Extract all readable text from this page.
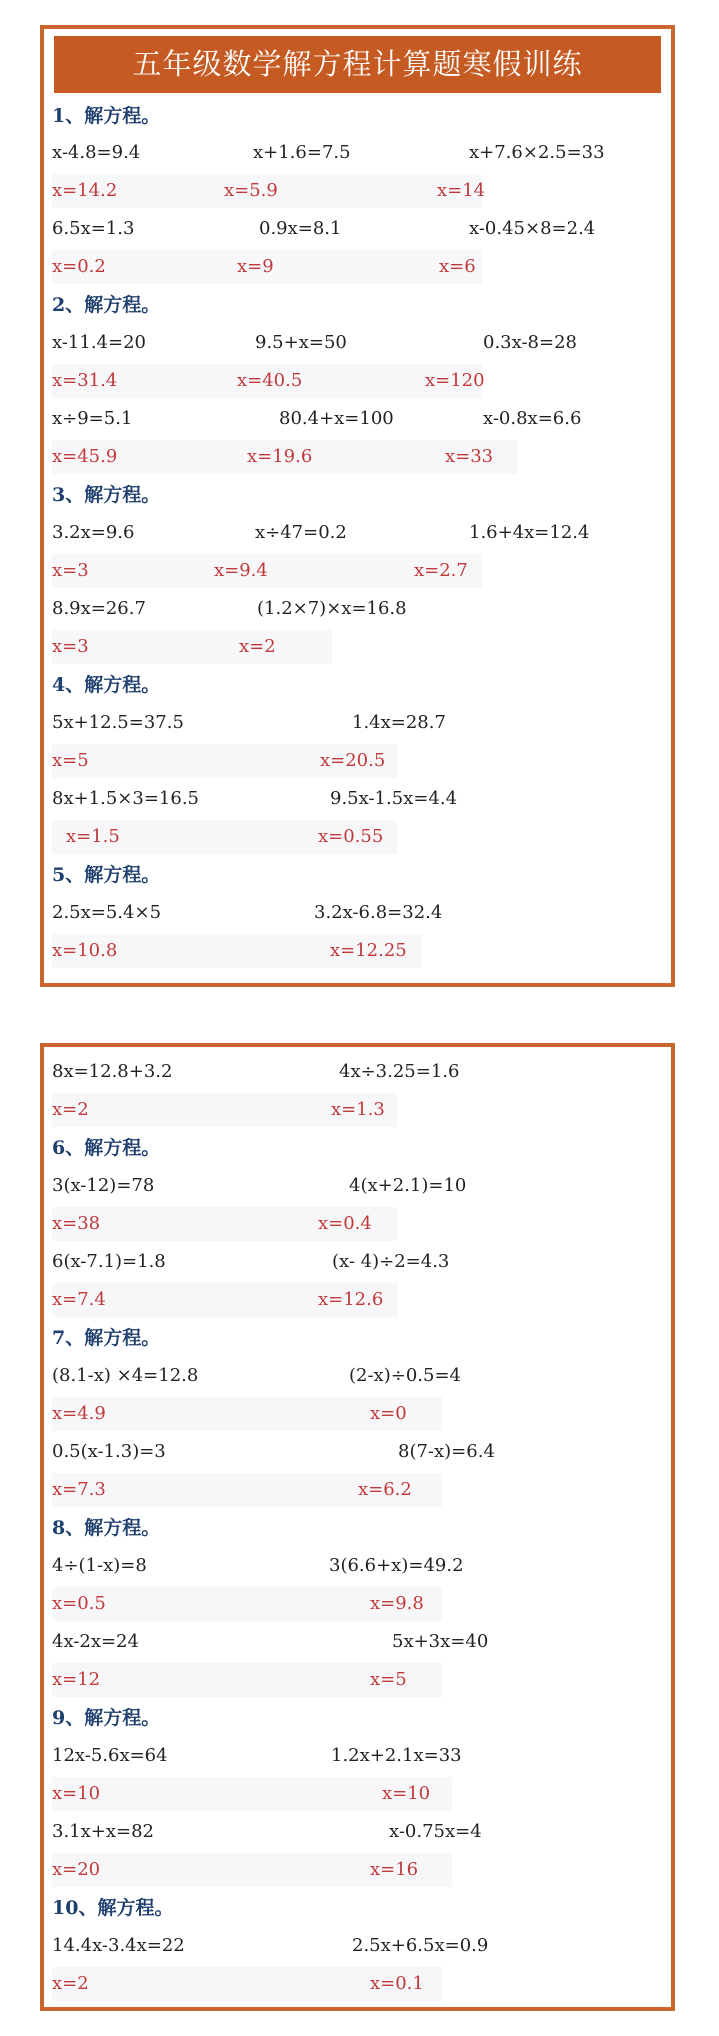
五年级数学解方程计算题寒假训练
1、解方程。
x-4.8=9.4	x+1.6=7.5	x+7.6×2.5=33
x=14.2	x=5.9	x=14
6.5x=1.3	0.9x=8.1	x-0.45×8=2.4
x=0.2	x=9	x=6
2、解方程。
x-11.4=20	9.5+x=50	0.3x-8=28
x=31.4	x=40.5	x=120
x÷9=5.1	80.4+x=100	x-0.8x=6.6
x=45.9	x=19.6	x=33
3、解方程。
3.2x=9.6	x÷47=0.2	1.6+4x=12.4
x=3	x=9.4	x=2.7
8.9x=26.7	(1.2×7)×x=16.8
x=3	x=2
4、解方程。
5x+12.5=37.5	1.4x=28.7
x=5	x=20.5
8x+1.5×3=16.5	9.5x-1.5x=4.4
x=1.5	x=0.55
5、解方程。
2.5x=5.4×5	3.2x-6.8=32.4
x=10.8	x=12.25
8x=12.8+3.2	4x÷3.25=1.6
x=2	x=1.3
6、解方程。
3(x-12)=78	4(x+2.1)=10
x=38	x=0.4
6(x-7.1)=1.8	(x- 4)÷2=4.3
x=7.4	x=12.6
7、解方程。
(8.1-x) ×4=12.8	(2-x)÷0.5=4
x=4.9	x=0
0.5(x-1.3)=3	8(7-x)=6.4
x=7.3	x=6.2
8、解方程。
4÷(1-x)=8	3(6.6+x)=49.2
x=0.5	x=9.8
4x-2x=24	5x+3x=40
x=12	x=5
9、解方程。
12x-5.6x=64	1.2x+2.1x=33
x=10	x=10
3.1x+x=82	x-0.75x=4
x=20	x=16
10、解方程。
14.4x-3.4x=22	2.5x+6.5x=0.9
x=2	x=0.1
